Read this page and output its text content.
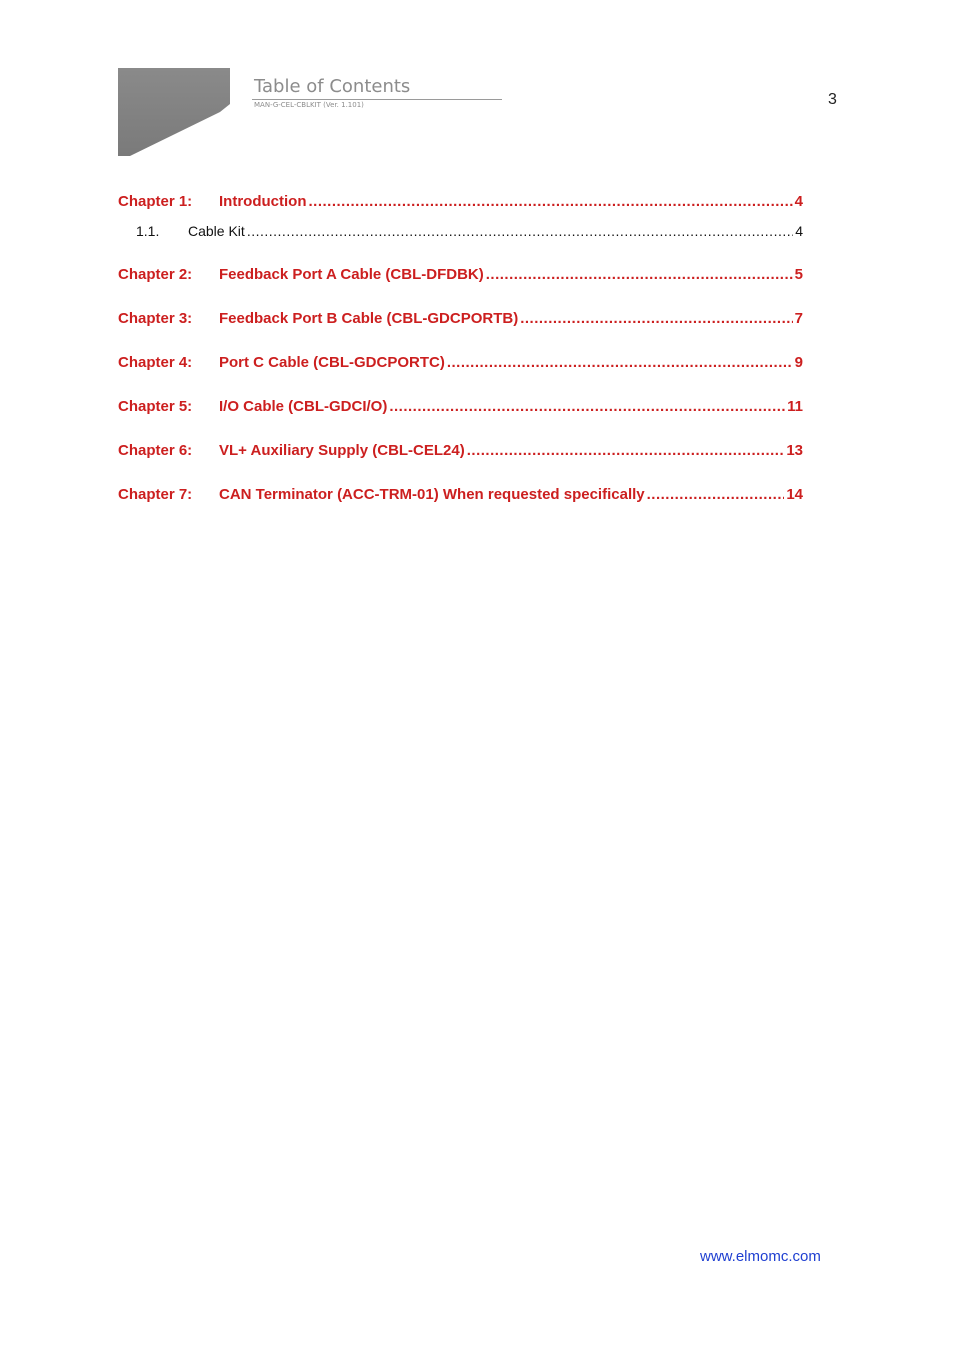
Table of Contents
MAN-G-CEL-CBLKIT (Ver. 1.101)	3
Chapter 1:	Introduction .....	4
1.1.	Cable Kit .....	4
Chapter 2:	Feedback Port A Cable (CBL-DFDBK) .....	5
Chapter 3:	Feedback Port B Cable (CBL-GDCPORTB) .....	7
Chapter 4:	Port C Cable (CBL-GDCPORTC) .....	9
Chapter 5:	I/O Cable (CBL-GDCI/O) .....	11
Chapter 6:	VL+ Auxiliary Supply (CBL-CEL24) .....	13
Chapter 7:	CAN Terminator (ACC-TRM-01) When requested specifically .....	14
www.elmomc.com
